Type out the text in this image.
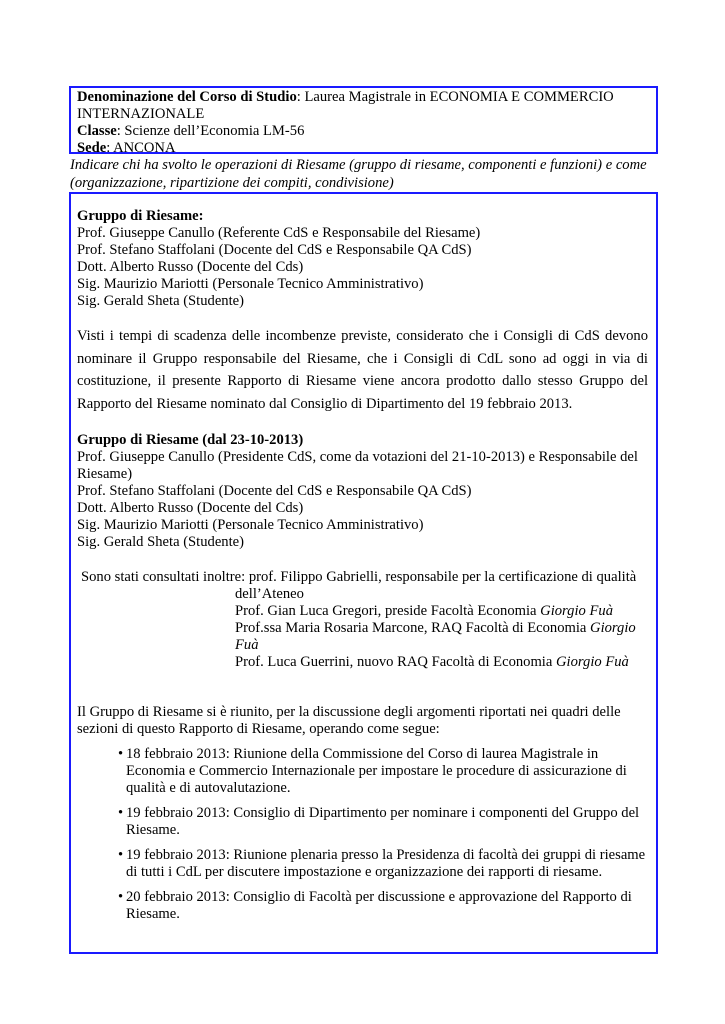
Denominazione del Corso di Studio: Laurea Magistrale in ECONOMIA E COMMERCIO
INTERNAZIONALE
Classe: Scienze dell’Economia LM-56
Sede: ANCONA
Indicare chi ha svolto le operazioni di Riesame (gruppo di riesame, componenti e funzioni) e come
(organizzazione, ripartizione dei compiti, condivisione)
Gruppo di Riesame:
Prof. Giuseppe Canullo (Referente CdS e Responsabile del Riesame)
Prof. Stefano Staffolani (Docente del CdS e Responsabile QA CdS)
Dott. Alberto Russo (Docente del Cds)
Sig. Maurizio Mariotti (Personale Tecnico Amministrativo)
Sig. Gerald Sheta (Studente)
Visti i tempi di scadenza delle incombenze previste, considerato che i Consigli di CdS devono nominare il Gruppo responsabile del Riesame, che i Consigli di CdL sono ad oggi in via di costituzione, il presente Rapporto di Riesame viene ancora prodotto dallo stesso Gruppo del Rapporto del Riesame nominato dal Consiglio di Dipartimento del 19 febbraio 2013.
Gruppo di Riesame (dal 23-10-2013)
Prof. Giuseppe Canullo (Presidente CdS, come da votazioni del 21-10-2013) e Responsabile del
Riesame)
Prof. Stefano Staffolani (Docente del CdS e Responsabile QA CdS)
Dott. Alberto Russo (Docente del Cds)
Sig. Maurizio Mariotti (Personale Tecnico Amministrativo)
Sig. Gerald Sheta (Studente)
Sono stati consultati inoltre: prof. Filippo Gabrielli, responsabile per la certificazione di qualità
dell’Ateneo
Prof. Gian Luca Gregori, preside Facoltà Economia Giorgio Fuà
Prof.ssa Maria Rosaria Marcone, RAQ Facoltà di Economia Giorgio
Fuà
Prof. Luca Guerrini, nuovo RAQ Facoltà di Economia Giorgio Fuà
Il Gruppo di Riesame si è riunito, per la discussione degli argomenti riportati nei quadri delle
sezioni di questo Rapporto di Riesame, operando come segue:
• 18 febbraio 2013: Riunione della Commissione del Corso di laurea Magistrale in
Economia e Commercio Internazionale per impostare le procedure di assicurazione di
qualità e di autovalutazione.
• 19 febbraio 2013: Consiglio di Dipartimento per nominare i componenti del Gruppo del
Riesame.
• 19 febbraio 2013: Riunione plenaria presso la Presidenza di facoltà dei gruppi di riesame
di tutti i CdL per discutere impostazione e organizzazione dei rapporti di riesame.
• 20 febbraio 2013: Consiglio di Facoltà per discussione e approvazione del Rapporto di
Riesame.
